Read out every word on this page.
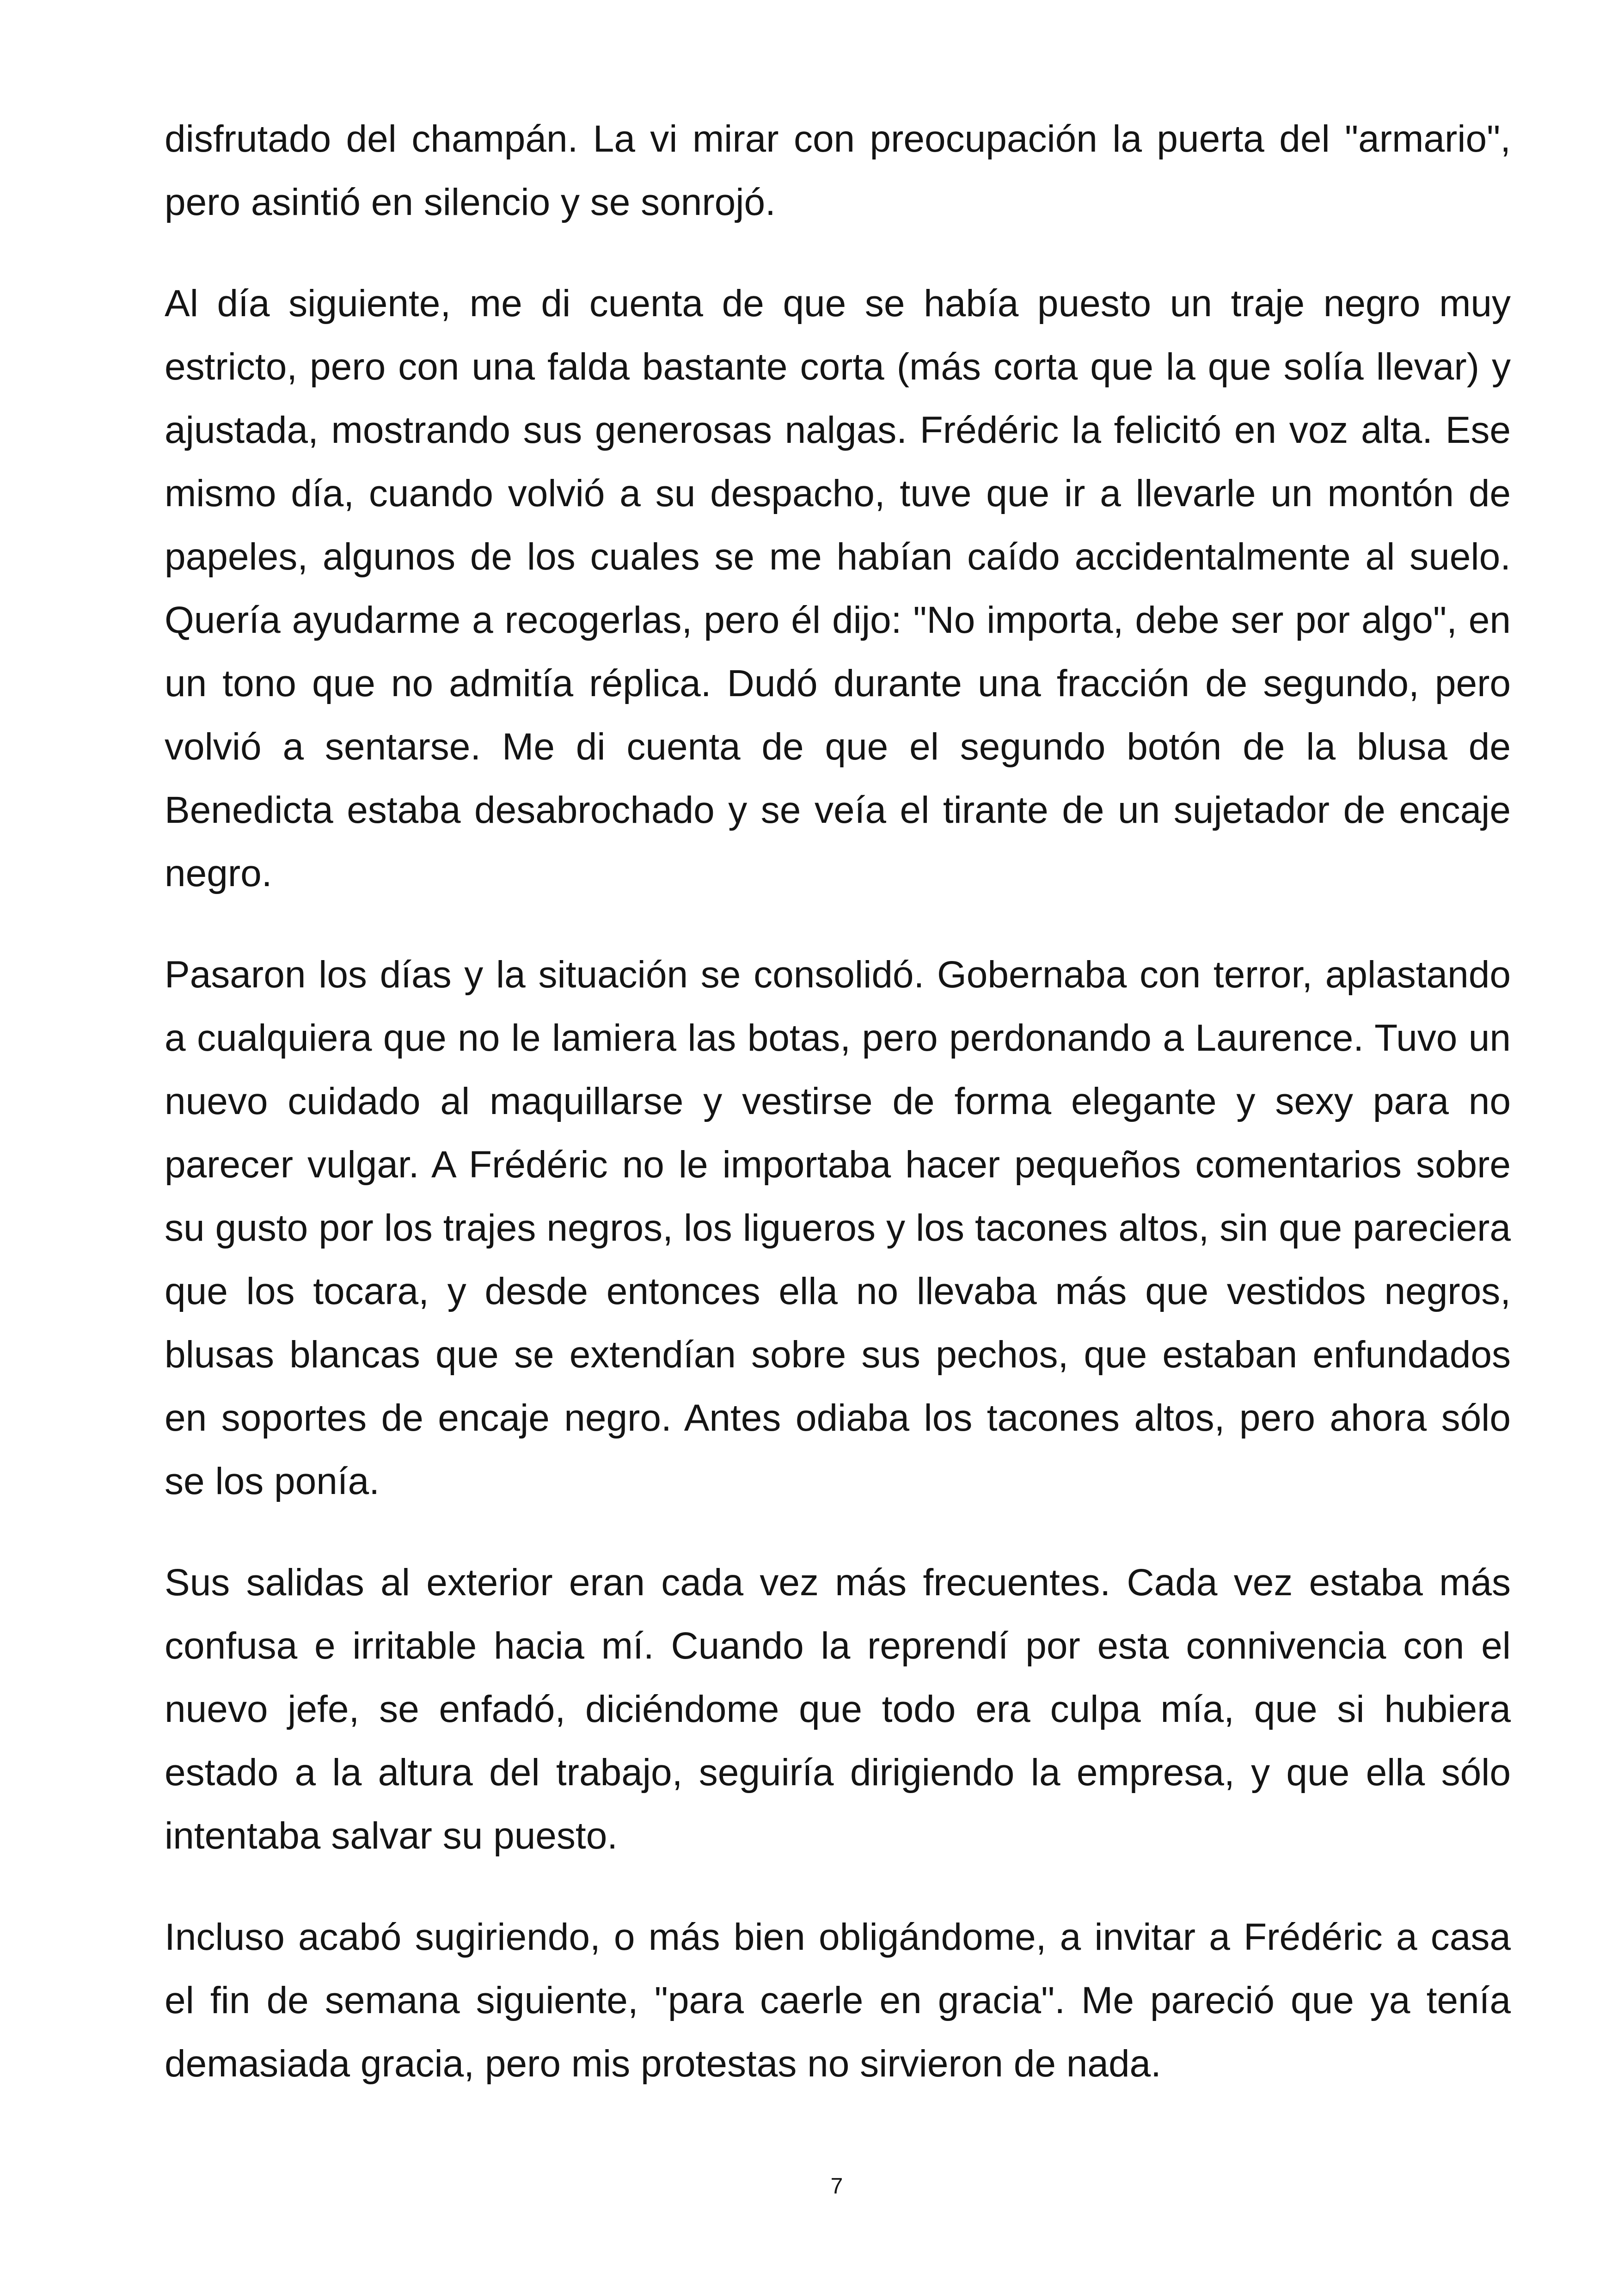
disfrutado del champán. La vi mirar con preocupación la puerta del "armario", pero asintió en silencio y se sonrojó.

Al día siguiente, me di cuenta de que se había puesto un traje negro muy estricto, pero con una falda bastante corta (más corta que la que solía llevar) y ajustada, mostrando sus generosas nalgas. Frédéric la felicitó en voz alta. Ese mismo día, cuando volvió a su despacho, tuve que ir a llevarle un montón de papeles, algunos de los cuales se me habían caído accidentalmente al suelo. Quería ayudarme a recogerlas, pero él dijo: "No importa, debe ser por algo", en un tono que no admitía réplica. Dudó durante una fracción de segundo, pero volvió a sentarse. Me di cuenta de que el segundo botón de la blusa de Benedicta estaba desabrochado y se veía el tirante de un sujetador de encaje negro.

Pasaron los días y la situación se consolidó. Gobernaba con terror, aplastando a cualquiera que no le lamiera las botas, pero perdonando a Laurence. Tuvo un nuevo cuidado al maquillarse y vestirse de forma elegante y sexy para no parecer vulgar. A Frédéric no le importaba hacer pequeños comentarios sobre su gusto por los trajes negros, los ligueros y los tacones altos, sin que pareciera que los tocara, y desde entonces ella no llevaba más que vestidos negros, blusas blancas que se extendían sobre sus pechos, que estaban enfundados en soportes de encaje negro. Antes odiaba los tacones altos, pero ahora sólo se los ponía.

Sus salidas al exterior eran cada vez más frecuentes. Cada vez estaba más confusa e irritable hacia mí. Cuando la reprendí por esta connivencia con el nuevo jefe, se enfadó, diciéndome que todo era culpa mía, que si hubiera estado a la altura del trabajo, seguiría dirigiendo la empresa, y que ella sólo intentaba salvar su puesto.

Incluso acabó sugiriendo, o más bien obligándome, a invitar a Frédéric a casa el fin de semana siguiente, "para caerle en gracia". Me pareció que ya tenía demasiada gracia, pero mis protestas no sirvieron de nada.

7
